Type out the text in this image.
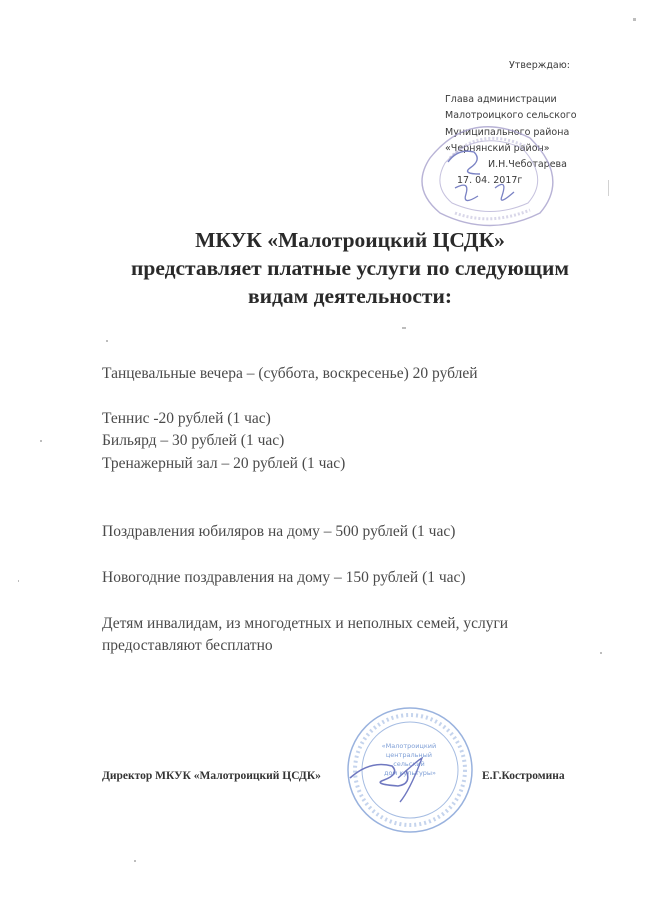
Утверждаю:
Глава администрации
Малотроицкого сельского
Муниципального района
«Чернянский район»
И.Н.Чеботарева
17. 04. 2017г
МКУК «Малотроицкий ЦСДК»
представляет платные услуги по следующим
видам деятельности:
Танцевальные вечера – (суббота, воскресенье) 20 рублей
Теннис -20 рублей (1 час)
Бильярд – 30 рублей (1 час)
Тренажерный зал – 20 рублей (1 час)
Поздравления юбиляров на дому – 500 рублей (1 час)
Новогодние поздравления на дому – 150 рублей (1 час)
Детям инвалидам, из многодетных и неполных семей, услуги предоставляют бесплатно
«Малотроицкий центральный сельский дом культуры»
Директор МКУК «Малотроицкий ЦСДК»	Е.Г.Костромина
